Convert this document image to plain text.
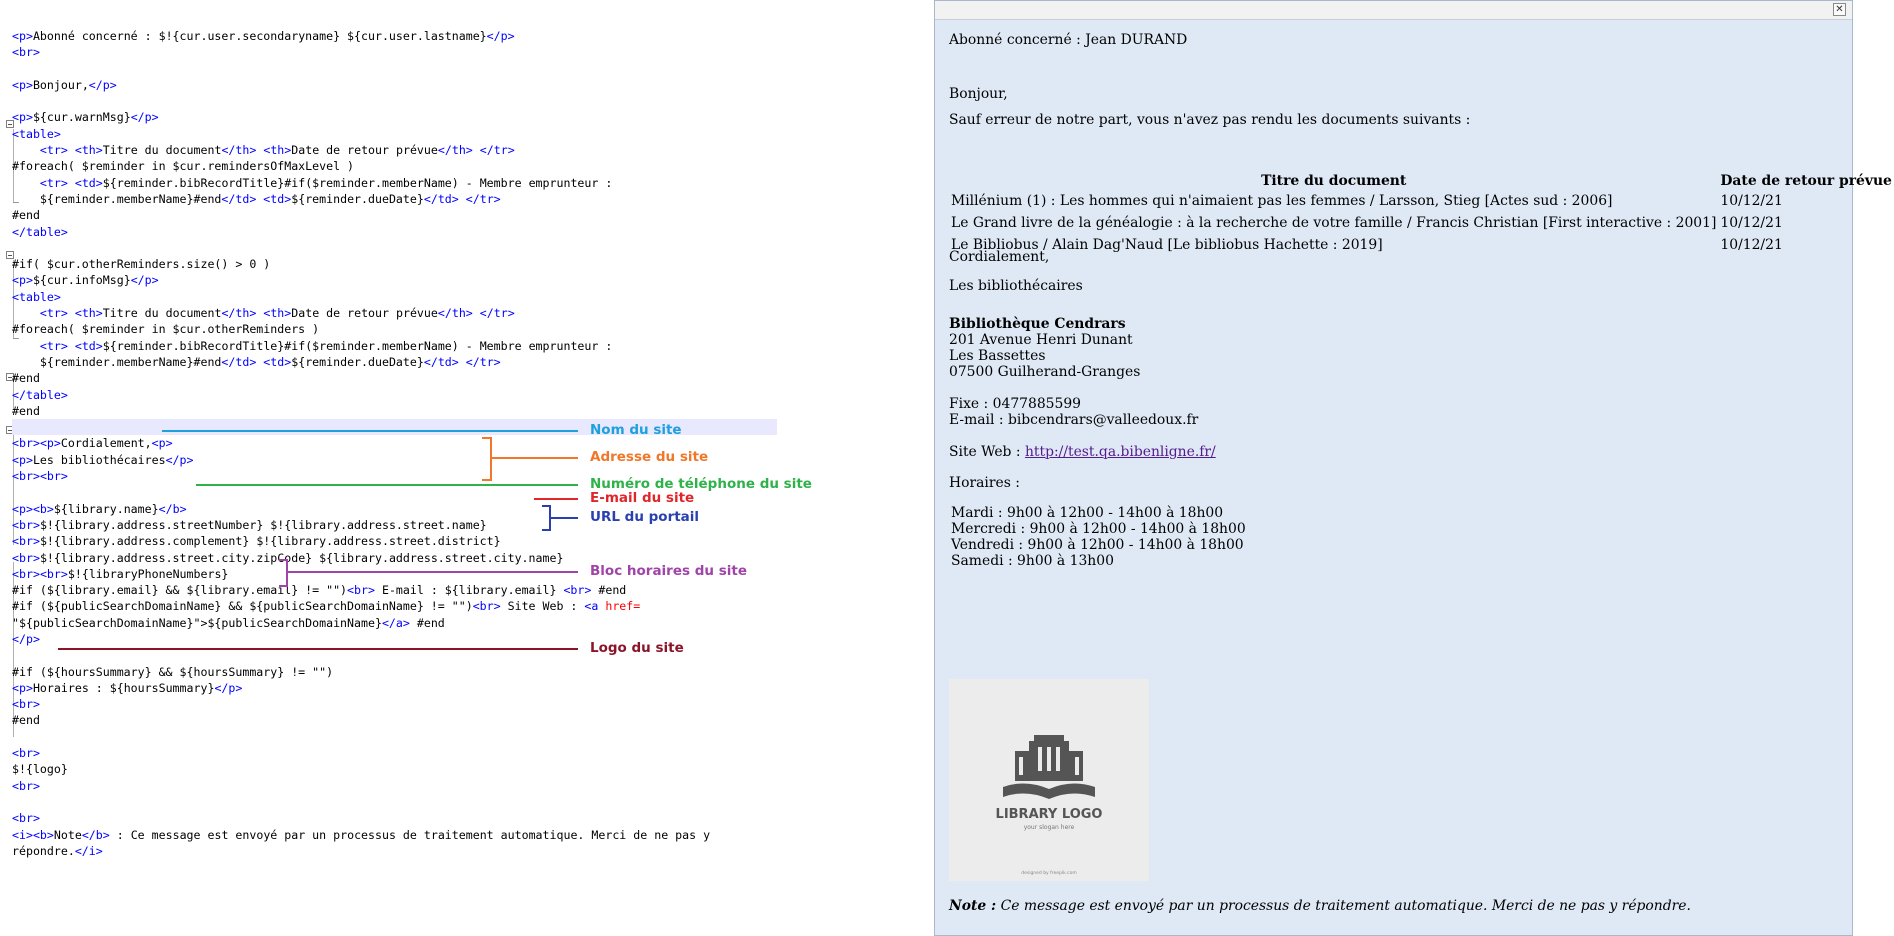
<p>Abonné concerné : $!{cur.user.secondaryname} ${cur.user.lastname}</p>
<br>

<p>Bonjour,</p>

<p>${cur.warnMsg}</p>
<table>
<tr> <th>Titre du document</th> <th>Date de retour prévue</th> </tr>
#foreach( $reminder in $cur.remindersOfMaxLevel )
<tr> <td>${reminder.bibRecordTitle}#if($reminder.memberName) - Membre emprunteur :
${reminder.memberName}#end</td> <td>${reminder.dueDate}</td> </tr>
#end
</table>

#if( $cur.otherReminders.size() > 0 )
<p>${cur.infoMsg}</p>
<table>
<tr> <th>Titre du document</th> <th>Date de retour prévue</th> </tr>
#foreach( $reminder in $cur.otherReminders )
<tr> <td>${reminder.bibRecordTitle}#if($reminder.memberName) - Membre emprunteur :
${reminder.memberName}#end</td> <td>${reminder.dueDate}</td> </tr>
#end
</table>
#end

<br><p>Cordialement,<p>
<p>Les bibliothécaires</p>
<br><br>

<p><b>${library.name}</b>
<br>$!{library.address.streetNumber} $!{library.address.street.name}
<br>$!{library.address.complement} $!{library.address.street.district}
<br>$!{library.address.street.city.zipCode} ${library.address.street.city.name}
<br><br>$!{libraryPhoneNumbers}
#if (${library.email} && ${library.email} != "")<br> E-mail : ${library.email} <br> #end
#if (${publicSearchDomainName} && ${publicSearchDomainName} != "")<br> Site Web : <a href=
"${publicSearchDomainName}">${publicSearchDomainName}</a> #end
</p>

#if (${hoursSummary} && ${hoursSummary} != "")
<p>Horaires : ${hoursSummary}</p>
<br>
#end

<br>
$!{logo}
<br>

<br>
<i><b>Note</b> : Ce message est envoyé par un processus de traitement automatique. Merci de ne pas y
répondre.</i>
Nom du site
Adresse du site
Numéro de téléphone du site
E-mail du site
URL du portail
Bloc horaires du site
Logo du site
✕
Abonné concerné : Jean DURAND
Bonjour,
Sauf erreur de notre part, vous n'avez pas rendu les documents suivants :
Titre du document	Date de retour prévue
Millénium (1) : Les hommes qui n'aimaient pas les femmes / Larsson, Stieg [Actes sud : 2006]	10/12/21
Le Grand livre de la généalogie : à la recherche de votre famille / Francis Christian [First interactive : 2001]	10/12/21
Le Bibliobus / Alain Dag'Naud [Le bibliobus Hachette : 2019]	10/12/21
Cordialement,
Les bibliothécaires
Bibliothèque Cendrars
201 Avenue Henri Dunant
Les Bassettes
07500 Guilherand-Granges
Fixe : 0477885599
E-mail : bibcendrars@valleedoux.fr
Site Web : http://test.qa.bibenligne.fr/
Horaires :
Mardi : 9h00 à 12h00 - 14h00 à 18h00
Mercredi : 9h00 à 12h00 - 14h00 à 18h00
Vendredi : 9h00 à 12h00 - 14h00 à 18h00
Samedi : 9h00 à 13h00
LIBRARY LOGO
your slogan here
designed by freepik.com
Note : Ce message est envoyé par un processus de traitement automatique. Merci de ne pas y répondre.
